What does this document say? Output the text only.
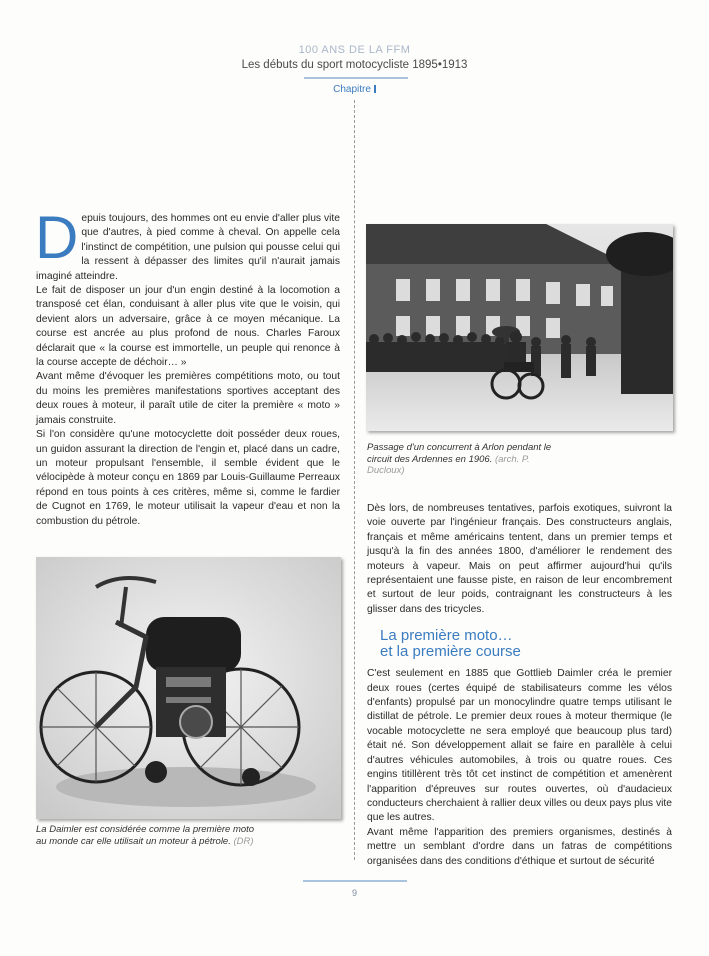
100 ANS DE LA FFM
Les débuts du sport motocycliste 1895•1913
Chapitre

Depuis toujours, des hommes ont eu envie d'aller plus vite que d'autres, à pied comme à cheval. On appelle cela l'instinct de compétition, une pulsion qui pousse celui qui la ressent à dépasser des limites qu'il n'aurait jamais imaginé atteindre.

Le fait de disposer un jour d'un engin destiné à la locomotion a transposé cet élan, conduisant à aller plus vite que le voisin, qui devient alors un adversaire, grâce à ce moyen mécanique. La course est ancrée au plus profond de nous. Charles Faroux déclarait que « la course est immortelle, un peuple qui renonce à la course accepte de déchoir… »

Avant même d'évoquer les premières compétitions moto, ou tout du moins les premières manifestations sportives acceptant des deux roues à moteur, il paraît utile de citer la première « moto » jamais construite.

Si l'on considère qu'une motocyclette doit posséder deux roues, un guidon assurant la direction de l'engin et, placé dans un cadre, un moteur propulsant l'ensemble, il semble évident que le vélocipède à moteur conçu en 1869 par Louis-Guillaume Perreaux répond en tous points à ces critères, même si, comme le fardier de Cugnot en 1769, le moteur utilisait la vapeur d'eau et non la combustion du pétrole.

Passage d'un concurrent à Arlon pendant le circuit des Ardennes en 1906. (arch. P. Ducloux)
La Daimler est considérée comme la première moto au monde car elle utilisait un moteur à pétrole. (DR)

Dès lors, de nombreuses tentatives, parfois exotiques, suivront la voie ouverte par l'ingénieur français. Des constructeurs anglais, français et même américains tentent, dans un premier temps et jusqu'à la fin des années 1800, d'améliorer le rendement des moteurs à vapeur. Mais on peut affirmer aujourd'hui qu'ils représentaient une fausse piste, en raison de leur encombrement et surtout de leur poids, contraignant les constructeurs à les glisser dans des tricycles.

La première moto…
et la première course

C'est seulement en 1885 que Gottlieb Daimler créa le premier deux roues (certes équipé de stabilisateurs comme les vélos d'enfants) propulsé par un monocylindre quatre temps utilisant le distillat de pétrole. Le premier deux roues à moteur thermique (le vocable motocyclette ne sera employé que beaucoup plus tard) était né. Son développement allait se faire en parallèle à celui d'autres véhicules automobiles, à trois ou quatre roues. Ces engins titillèrent très tôt cet instinct de compétition et amenèrent l'apparition d'épreuves sur routes ouvertes, où d'audacieux conducteurs cherchaient à rallier deux villes ou deux pays plus vite que les autres.

Avant même l'apparition des premiers organismes, destinés à mettre un semblant d'ordre dans un fatras de compétitions organisées dans des conditions d'éthique et surtout de sécurité

9
